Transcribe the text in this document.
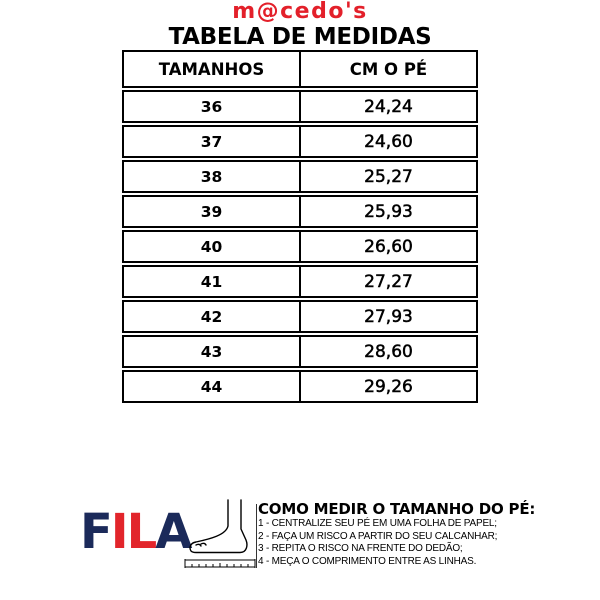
m@cedo's
TABELA DE MEDIDAS
TAMANHOS	CM O PÉ
36	24,24
37	24,60
38	25,27
39	25,93
40	26,60
41	27,27
42	27,93
43	28,60
44	29,26
FILA	COMO MEDIR O TAMANHO DO PÉ:
1 - CENTRALIZE SEU PÉ EM UMA FOLHA DE PAPEL;
2 - FAÇA UM RISCO A PARTIR DO SEU CALCANHAR;
3 - REPITA O RISCO NA FRENTE DO DEDÃO;
4 - MEÇA O COMPRIMENTO ENTRE AS LINHAS.
